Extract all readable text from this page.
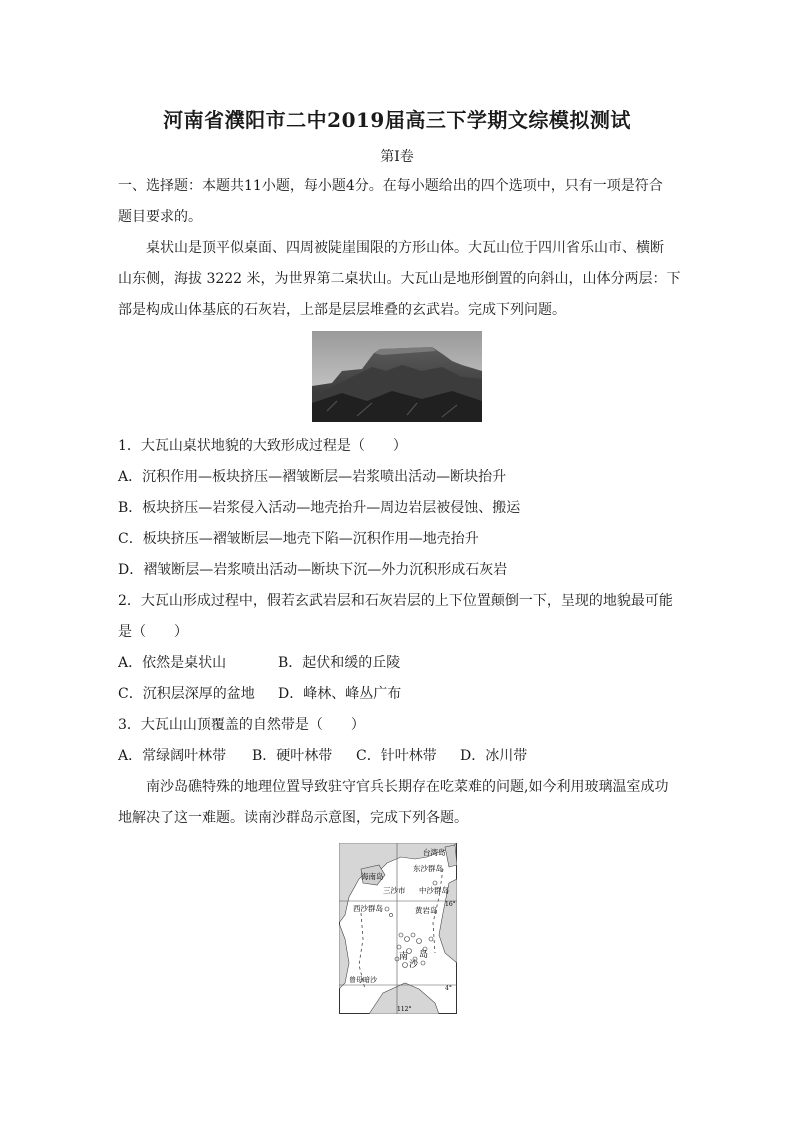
河南省濮阳市二中2019届高三下学期文综模拟测试
第Ⅰ卷
一、选择题：本题共11小题，每小题4分。在每小题给出的四个选项中，只有一项是符合
题目要求的。
桌状山是顶平似桌面、四周被陡崖围限的方形山体。大瓦山位于四川省乐山市、横断
山东侧，海拔 3222 米，为世界第二桌状山。大瓦山是地形倒置的向斜山，山体分两层：下
部是构成山体基底的石灰岩，上部是层层堆叠的玄武岩。完成下列问题。
1．大瓦山桌状地貌的大致形成过程是（　　）
A．沉积作用—板块挤压—褶皱断层—岩浆喷出活动—断块抬升
B．板块挤压—岩浆侵入活动—地壳抬升—周边岩层被侵蚀、搬运
C．板块挤压—褶皱断层—地壳下陷—沉积作用—地壳抬升
D．褶皱断层—岩浆喷出活动—断块下沉—外力沉积形成石灰岩
2．大瓦山形成过程中，假若玄武岩层和石灰岩层的上下位置颠倒一下，呈现的地貌最可能
是（　　）
A．依然是桌状山	B．起伏和缓的丘陵
C．沉积层深厚的盆地 D．峰林、峰丛广布
3．大瓦山山顶覆盖的自然带是（　　）
A．常绿阔叶林带 B．硬叶林带 C．针叶林带 D．冰川带
南沙岛礁特殊的地理位置导致驻守官兵长期存在吃菜难的问题,如今利用玻璃温室成功
地解决了这一难题。读南沙群岛示意图，完成下列各题。
台湾岛
海南岛
东沙群岛
三沙市 中沙群岛
西沙群岛	黄岩岛
南
沙
岛
曾母暗沙
16°
4°
112°
